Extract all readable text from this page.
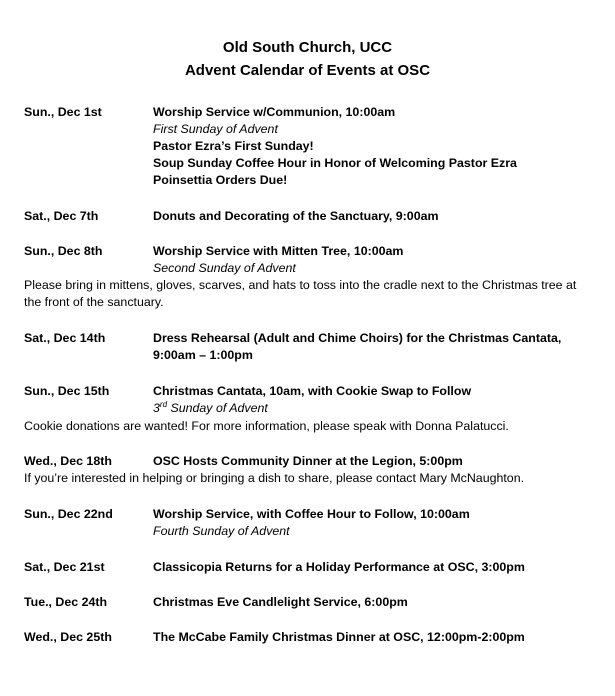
Old South Church, UCC
Advent Calendar of Events at OSC
Sun., Dec 1st	Worship Service w/Communion, 10:00am
First Sunday of Advent
Pastor Ezra’s First Sunday!
Soup Sunday Coffee Hour in Honor of Welcoming Pastor Ezra
Poinsettia Orders Due!
Sat., Dec 7th	Donuts and Decorating of the Sanctuary, 9:00am
Sun., Dec 8th	Worship Service with Mitten Tree, 10:00am
Second Sunday of Advent
Please bring in mittens, gloves, scarves, and hats to toss into the cradle next to the Christmas tree at the front of the sanctuary.
Sat., Dec 14th	Dress Rehearsal (Adult and Chime Choirs) for the Christmas Cantata,
9:00am – 1:00pm
Sun., Dec 15th	Christmas Cantata, 10am, with Cookie Swap to Follow
3rd Sunday of Advent
Cookie donations are wanted! For more information, please speak with Donna Palatucci.
Wed., Dec 18th	OSC Hosts Community Dinner at the Legion, 5:00pm
If you’re interested in helping or bringing a dish to share, please contact Mary McNaughton.
Sun., Dec 22nd	Worship Service, with Coffee Hour to Follow, 10:00am
Fourth Sunday of Advent
Sat., Dec 21st	Classicopia Returns for a Holiday Performance at OSC, 3:00pm
Tue., Dec 24th	Christmas Eve Candlelight Service, 6:00pm
Wed., Dec 25th	The McCabe Family Christmas Dinner at OSC, 12:00pm-2:00pm
